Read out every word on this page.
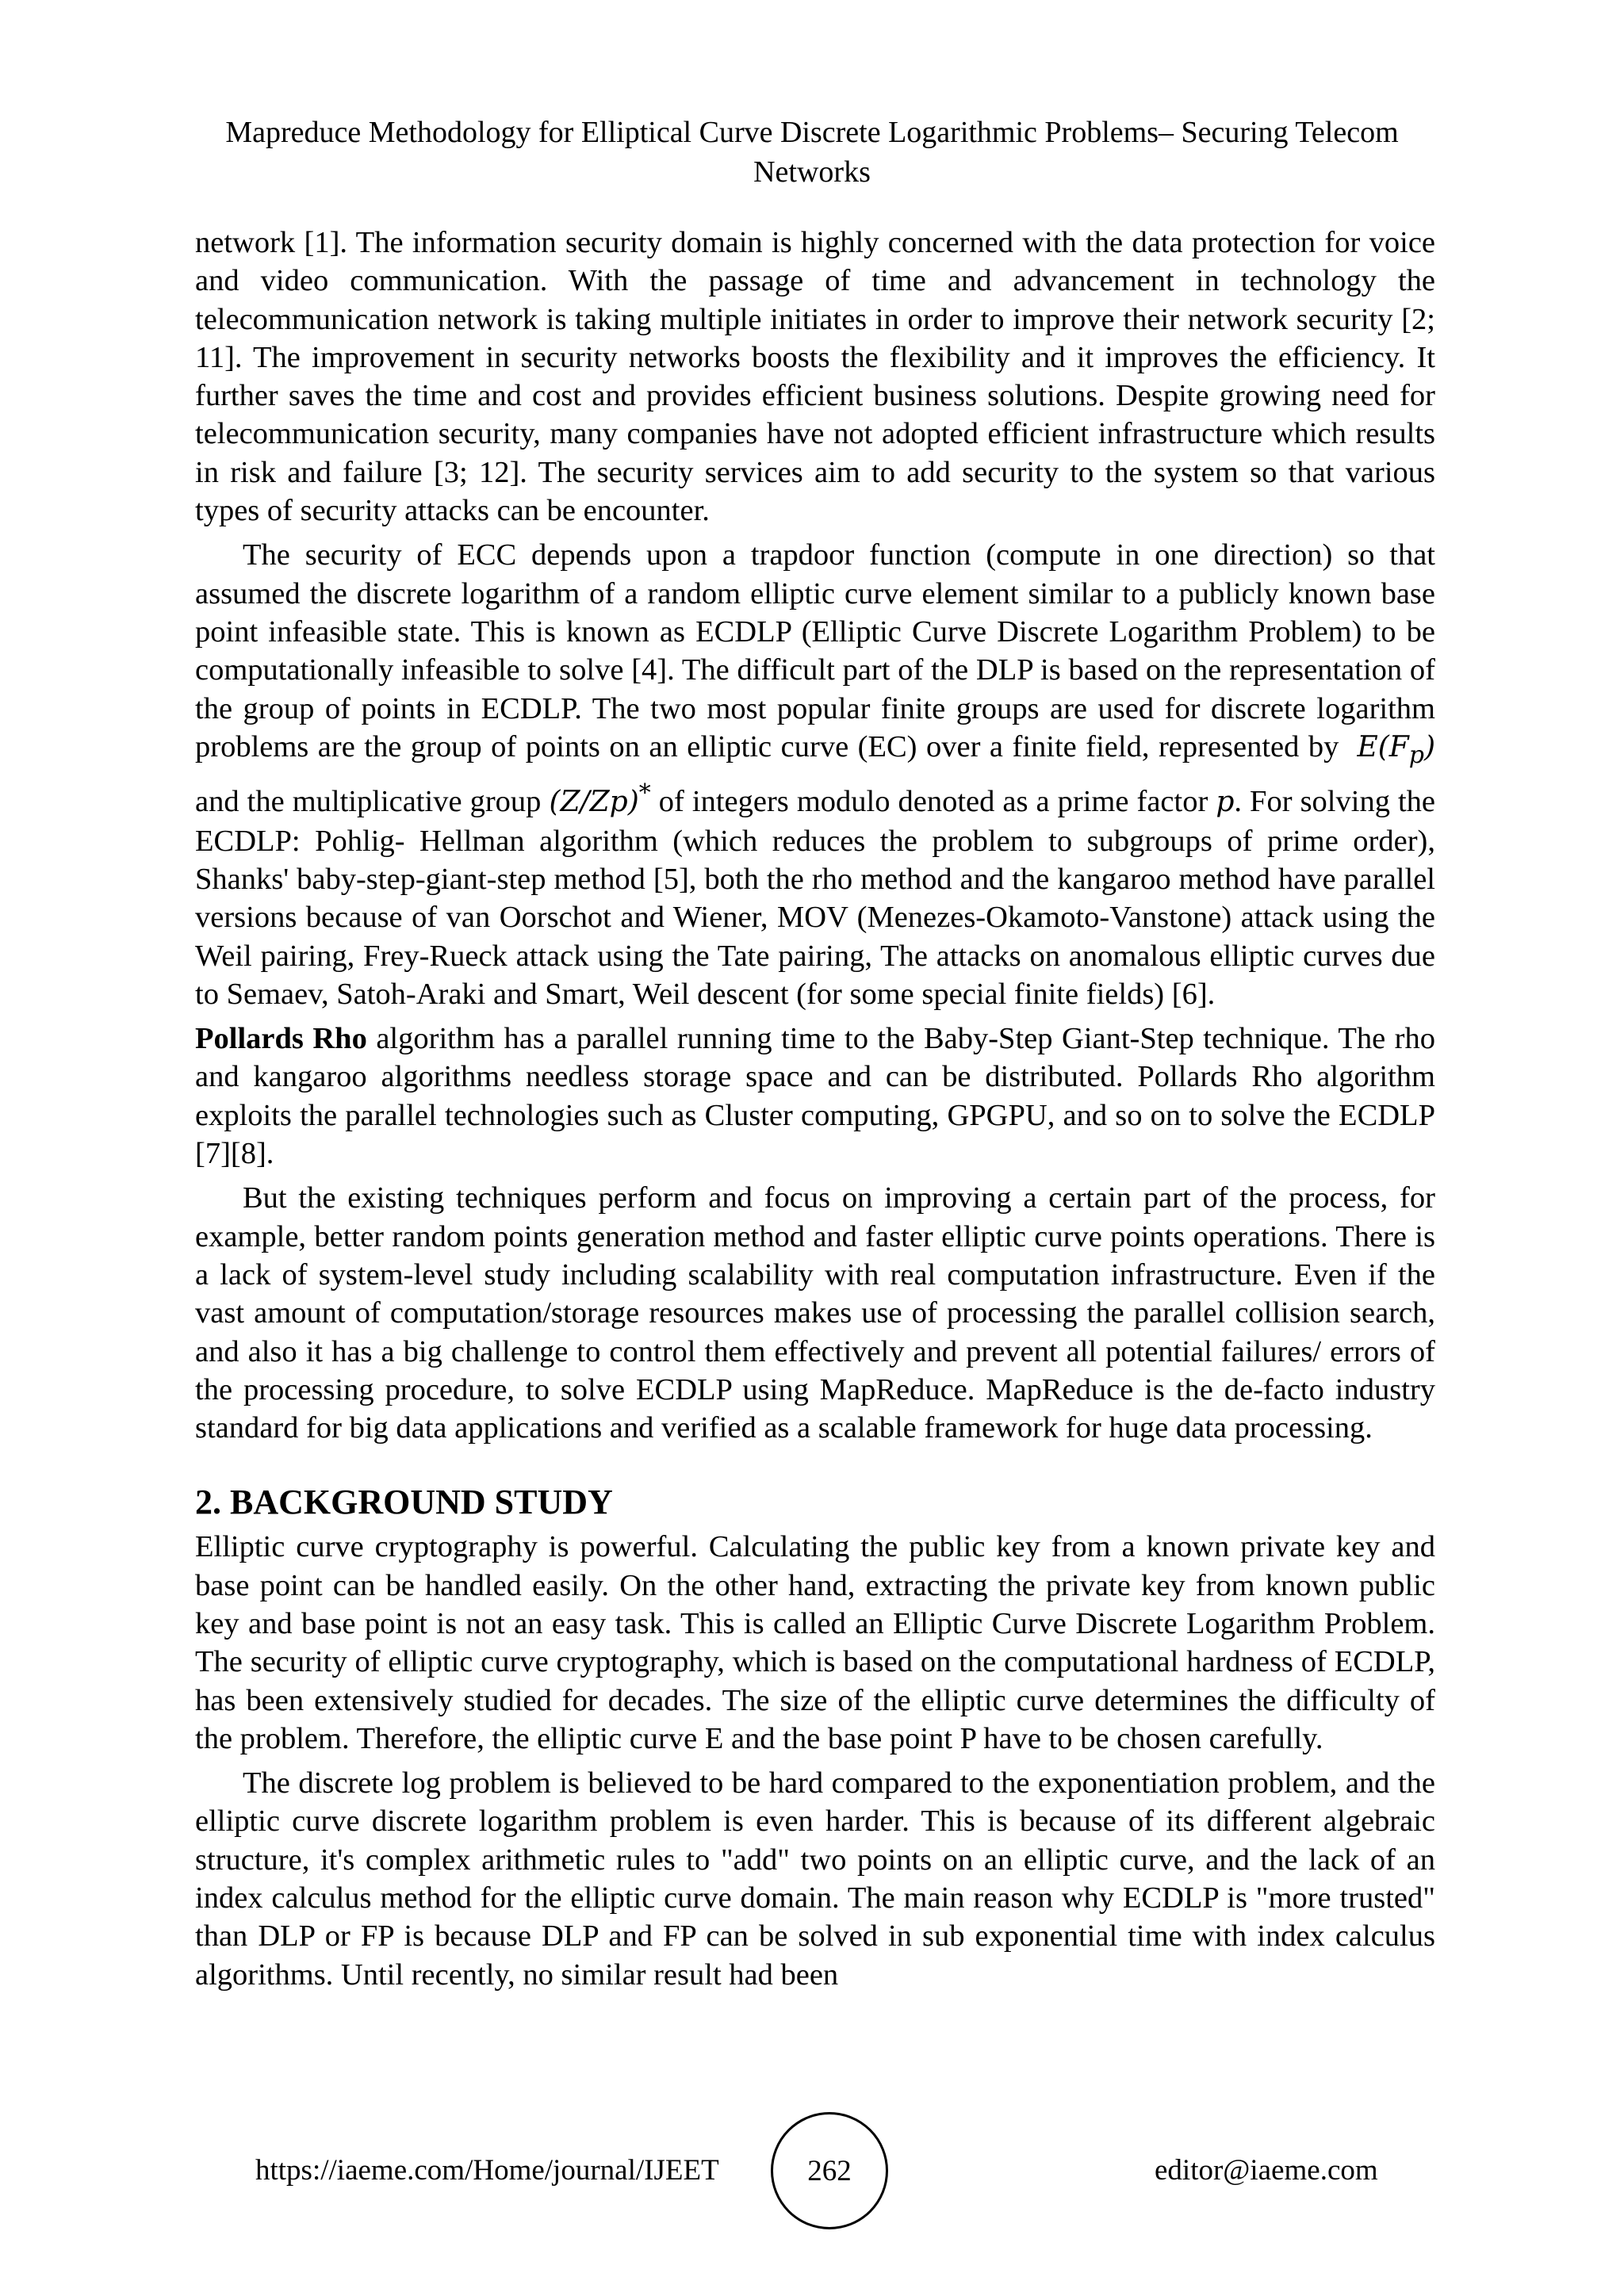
Mapreduce Methodology for Elliptical Curve Discrete Logarithmic Problems– Securing Telecom
Networks

network [1]. The information security domain is highly concerned with the data protection for voice and video communication. With the passage of time and advancement in technology the telecommunication network is taking multiple initiates in order to improve their network security [2; 11]. The improvement in security networks boosts the flexibility and it improves the efficiency. It further saves the time and cost and provides efficient business solutions. Despite growing need for telecommunication security, many companies have not adopted efficient infrastructure which results in risk and failure [3; 12]. The security services aim to add security to the system so that various types of security attacks can be encounter.

The security of ECC depends upon a trapdoor function (compute in one direction) so that assumed the discrete logarithm of a random elliptic curve element similar to a publicly known base point infeasible state. This is known as ECDLP (Elliptic Curve Discrete Logarithm Problem) to be computationally infeasible to solve [4]. The difficult part of the DLP is based on the representation of the group of points in ECDLP. The two most popular finite groups are used for discrete logarithm problems are the group of points on an elliptic curve (EC) over a finite field, represented by $E(F_p)$ and the multiplicative group (Z/Zp)* of integers modulo denoted as a prime factor p. For solving the ECDLP: Pohlig- Hellman algorithm (which reduces the problem to subgroups of prime order), Shanks' baby-step-giant-step method [5], both the rho method and the kangaroo method have parallel versions because of van Oorschot and Wiener, MOV (Menezes-Okamoto-Vanstone) attack using the Weil pairing, Frey-Rueck attack using the Tate pairing, The attacks on anomalous elliptic curves due to Semaev, Satoh-Araki and Smart, Weil descent (for some special finite fields) [6].

Pollards Rho algorithm has a parallel running time to the Baby-Step Giant-Step technique. The rho and kangaroo algorithms needless storage space and can be distributed. Pollards Rho algorithm exploits the parallel technologies such as Cluster computing, GPGPU, and so on to solve the ECDLP [7][8].

But the existing techniques perform and focus on improving a certain part of the process, for example, better random points generation method and faster elliptic curve points operations. There is a lack of system-level study including scalability with real computation infrastructure. Even if the vast amount of computation/storage resources makes use of processing the parallel collision search, and also it has a big challenge to control them effectively and prevent all potential failures/ errors of the processing procedure, to solve ECDLP using MapReduce. MapReduce is the de-facto industry standard for big data applications and verified as a scalable framework for huge data processing.

2. BACKGROUND STUDY

Elliptic curve cryptography is powerful. Calculating the public key from a known private key and base point can be handled easily. On the other hand, extracting the private key from known public key and base point is not an easy task. This is called an Elliptic Curve Discrete Logarithm Problem. The security of elliptic curve cryptography, which is based on the computational hardness of ECDLP, has been extensively studied for decades. The size of the elliptic curve determines the difficulty of the problem. Therefore, the elliptic curve E and the base point P have to be chosen carefully.

The discrete log problem is believed to be hard compared to the exponentiation problem, and the elliptic curve discrete logarithm problem is even harder. This is because of its different algebraic structure, it's complex arithmetic rules to "add" two points on an elliptic curve, and the lack of an index calculus method for the elliptic curve domain. The main reason why ECDLP is "more trusted" than DLP or FP is because DLP and FP can be solved in sub exponential time with index calculus algorithms. Until recently, no similar result had been

https://iaeme.com/Home/journal/IJEET	262	editor@iaeme.com
